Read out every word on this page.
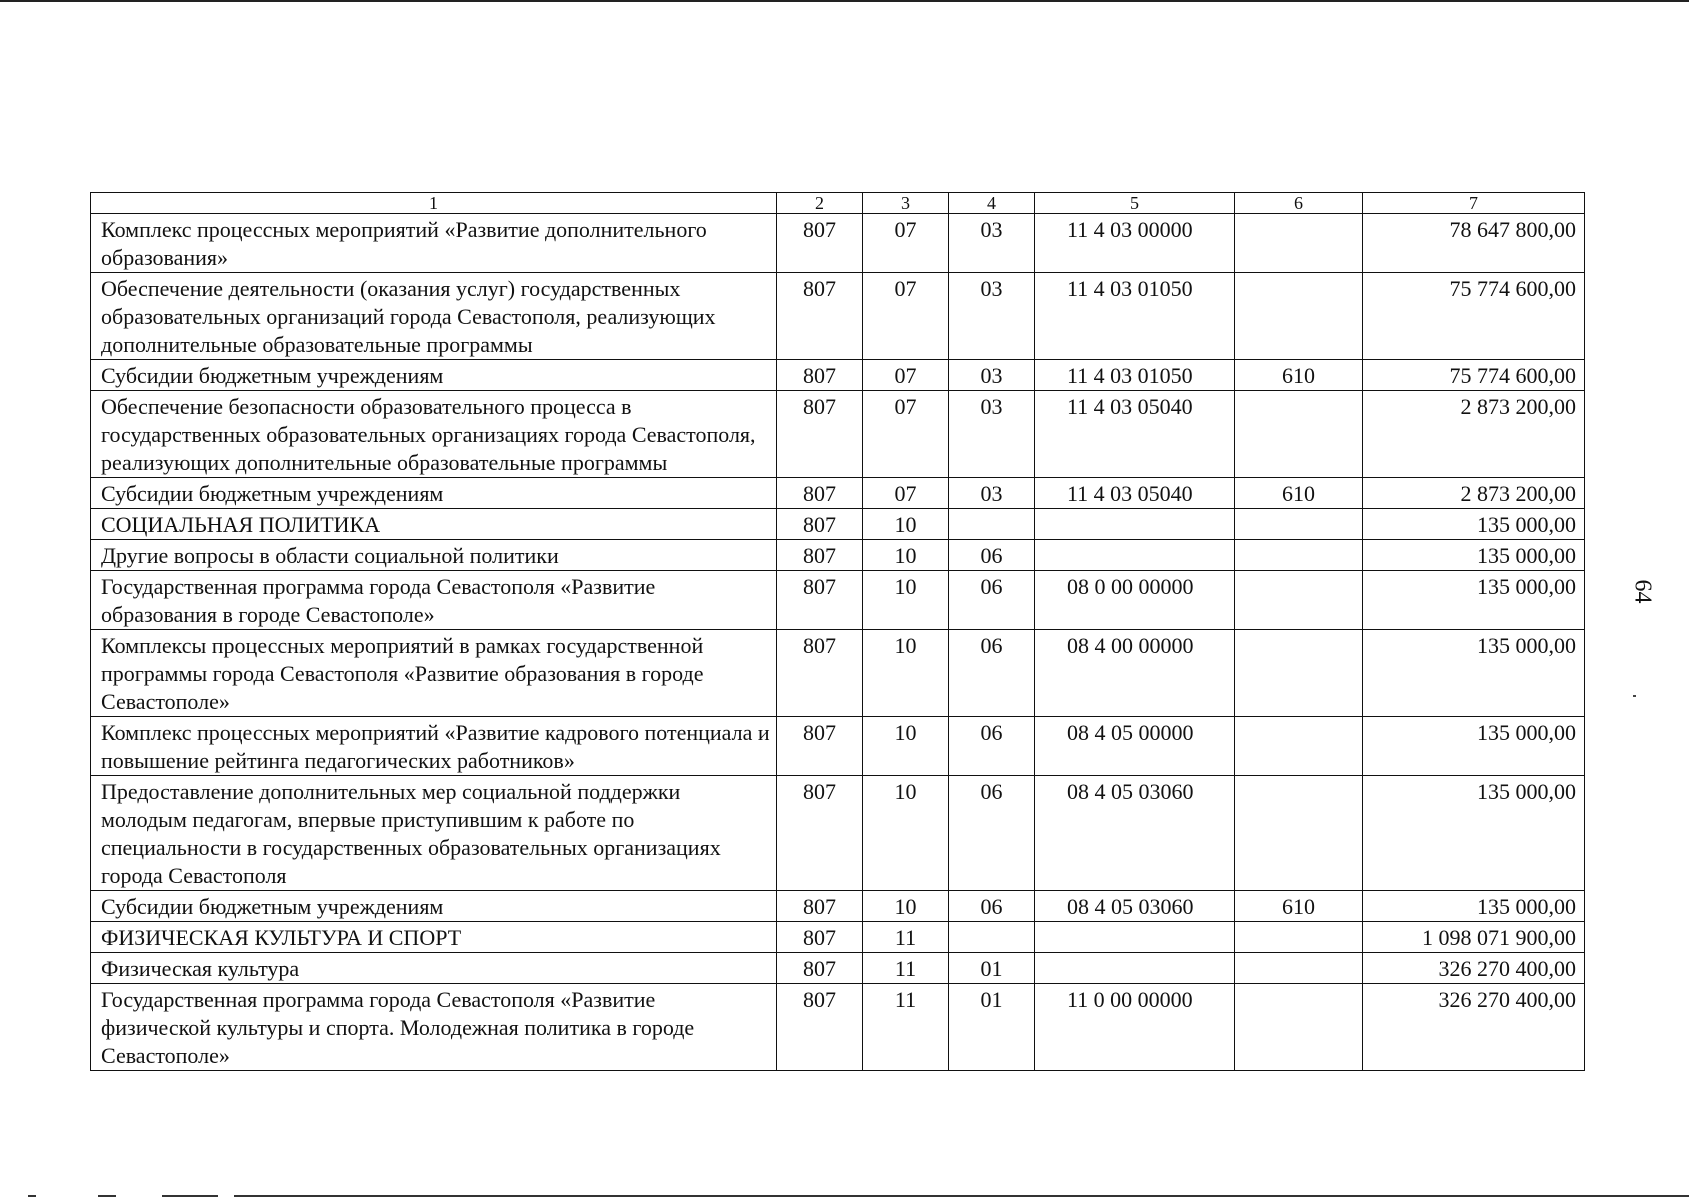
1	2	3	4	5	6	7
Комплекс процессных мероприятий «Развитие дополнительного образования»	807	07	03	11 4 03 00000		78 647 800,00
Обеспечение деятельности (оказания услуг) государственных образовательных организаций города Севастополя, реализующих дополнительные образовательные программы	807	07	03	11 4 03 01050		75 774 600,00
Субсидии бюджетным учреждениям	807	07	03	11 4 03 01050	610	75 774 600,00
Обеспечение безопасности образовательного процесса в государственных образовательных организациях города Севастополя, реализующих дополнительные образовательные программы	807	07	03	11 4 03 05040		2 873 200,00
Субсидии бюджетным учреждениям	807	07	03	11 4 03 05040	610	2 873 200,00
СОЦИАЛЬНАЯ ПОЛИТИКА	807	10				135 000,00
Другие вопросы в области социальной политики	807	10	06			135 000,00
Государственная программа города Севастополя «Развитие образования в городе Севастополе»	807	10	06	08 0 00 00000		135 000,00
Комплексы процессных мероприятий в рамках государственной программы города Севастополя «Развитие образования в городе Севастополе»	807	10	06	08 4 00 00000		135 000,00
Комплекс процессных мероприятий «Развитие кадрового потенциала и повышение рейтинга педагогических работников»	807	10	06	08 4 05 00000		135 000,00
Предоставление дополнительных мер социальной поддержки молодым педагогам, впервые приступившим к работе по специальности в государственных образовательных организациях города Севастополя	807	10	06	08 4 05 03060		135 000,00
Субсидии бюджетным учреждениям	807	10	06	08 4 05 03060	610	135 000,00
ФИЗИЧЕСКАЯ КУЛЬТУРА И СПОРТ	807	11				1 098 071 900,00
Физическая культура	807	11	01			326 270 400,00
Государственная программа города Севастополя «Развитие физической культуры и спорта. Молодежная политика в городе Севастополе»	807	11	01	11 0 00 00000		326 270 400,00
64
